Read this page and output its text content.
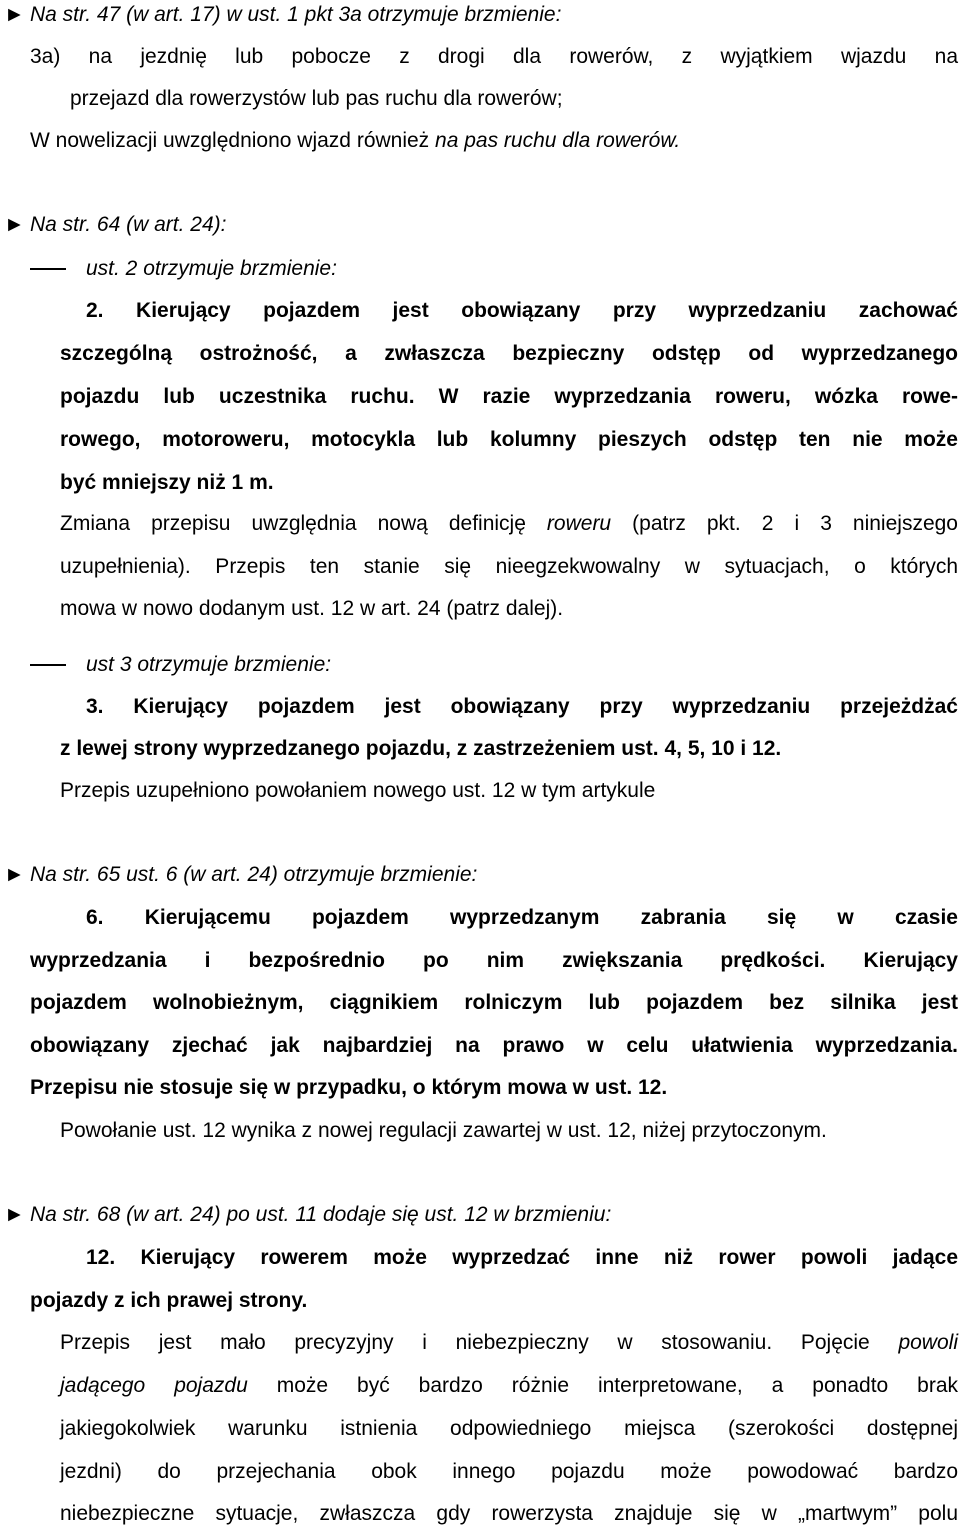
► Na str. 47 (w art. 17) w ust. 1 pkt 3a otrzymuje brzmienie:
3a) na jezdnię lub pobocze z drogi dla rowerów, z wyjątkiem wjazdu na
przejazd dla rowerzystów lub pas ruchu dla rowerów;
W nowelizacji uwzględniono wjazd również na pas ruchu dla rowerów.
► Na str. 64 (w art. 24):
ust. 2 otrzymuje brzmienie:
2. Kierujący pojazdem jest obowiązany przy wyprzedzaniu zachować
szczególną ostrożność, a zwłaszcza bezpieczny odstęp od wyprzedzanego
pojazdu lub uczestnika ruchu. W razie wyprzedzania roweru, wózka rowe-
rowego, motoroweru, motocykla lub kolumny pieszych odstęp ten nie może
być mniejszy niż 1 m.
Zmiana przepisu uwzględnia nową definicję roweru (patrz pkt. 2 i 3 niniejszego
uzupełnienia). Przepis ten stanie się nieegzekwowalny w sytuacjach, o których
mowa w nowo dodanym ust. 12 w art. 24 (patrz dalej).
ust 3 otrzymuje brzmienie:
3. Kierujący pojazdem jest obowiązany przy wyprzedzaniu przejeżdżać
z lewej strony wyprzedzanego pojazdu, z zastrzeżeniem ust. 4, 5, 10 i 12.
Przepis uzupełniono powołaniem nowego ust. 12 w tym artykule
► Na str. 65 ust. 6 (w art. 24) otrzymuje brzmienie:
6. Kierującemu pojazdem wyprzedzanym zabrania się w czasie
wyprzedzania i bezpośrednio po nim zwiększania prędkości. Kierujący
pojazdem wolnobieżnym, ciągnikiem rolniczym lub pojazdem bez silnika jest
obowiązany zjechać jak najbardziej na prawo w celu ułatwienia wyprzedzania.
Przepisu nie stosuje się w przypadku, o którym mowa w ust. 12.
Powołanie ust. 12 wynika z nowej regulacji zawartej w ust. 12, niżej przytoczonym.
► Na str. 68 (w art. 24) po ust. 11 dodaje się ust. 12 w brzmieniu:
12. Kierujący rowerem może wyprzedzać inne niż rower powoli jadące
pojazdy z ich prawej strony.
Przepis jest mało precyzyjny i niebezpieczny w stosowaniu. Pojęcie powoli
jadącego pojazdu może być bardzo różnie interpretowane, a ponadto brak
jakiegokolwiek warunku istnienia odpowiedniego miejsca (szerokości dostępnej
jezdni) do przejechania obok innego pojazdu może powodować bardzo
niebezpieczne sytuacje, zwłaszcza gdy rowerzysta znajduje się w „martwym” polu
